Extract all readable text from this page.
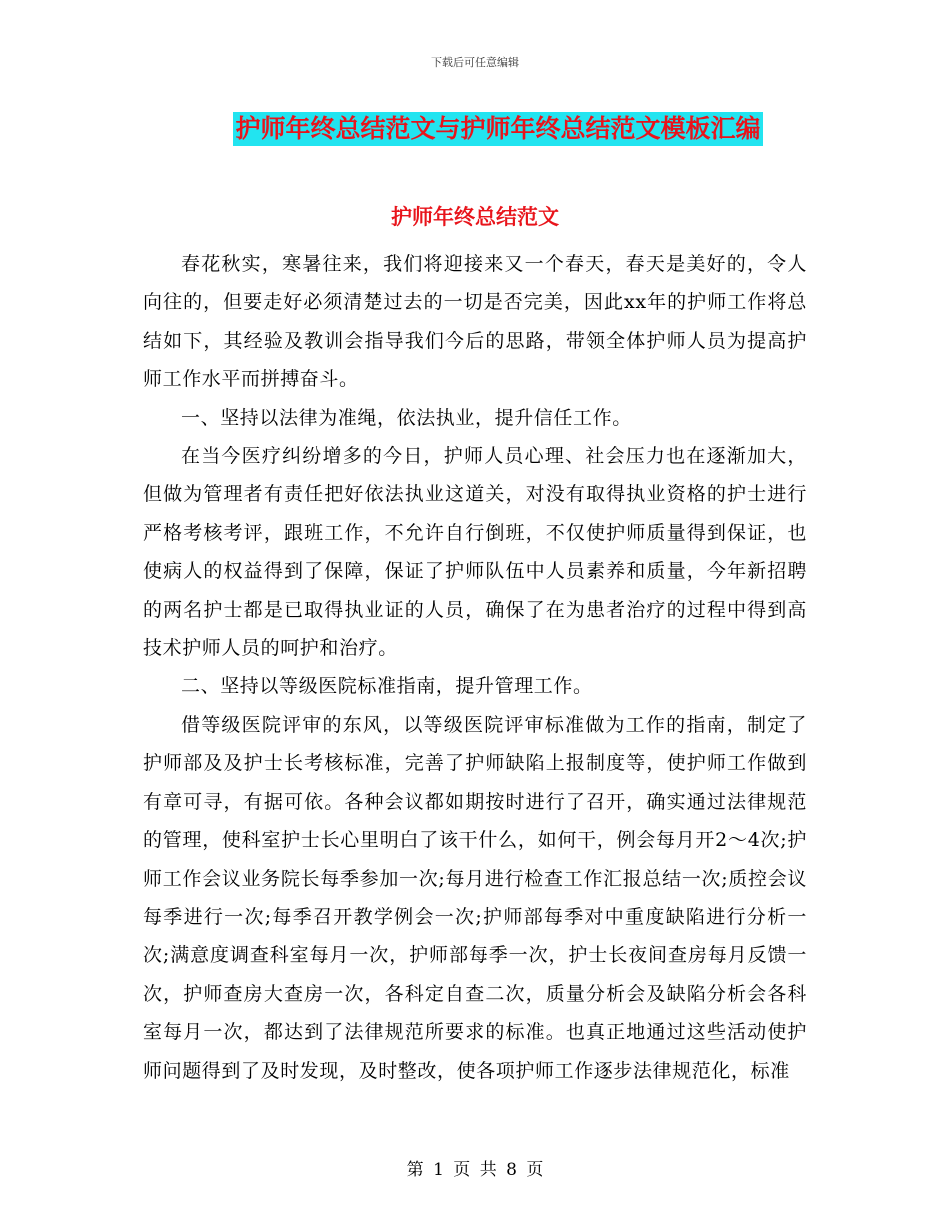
下载后可任意编辑
护师年终总结范文与护师年终总结范文模板汇编
护师年终总结范文

春花秋实，寒暑往来，我们将迎接来又一个春天，春天是美好的，令人向往的，但要走好必须清楚过去的一切是否完美，因此xx年的护师工作将总结如下，其经验及教训会指导我们今后的思路，带领全体护师人员为提高护师工作水平而拼搏奋斗。

一、坚持以法律为准绳，依法执业，提升信任工作。

在当今医疗纠纷增多的今日，护师人员心理、社会压力也在逐渐加大，但做为管理者有责任把好依法执业这道关，对没有取得执业资格的护士进行严格考核考评，跟班工作，不允许自行倒班，不仅使护师质量得到保证，也使病人的权益得到了保障，保证了护师队伍中人员素养和质量，今年新招聘的两名护士都是已取得执业证的人员，确保了在为患者治疗的过程中得到高技术护师人员的呵护和治疗。

二、坚持以等级医院标准指南，提升管理工作。

借等级医院评审的东风，以等级医院评审标准做为工作的指南，制定了护师部及及护士长考核标准，完善了护师缺陷上报制度等，使护师工作做到有章可寻，有据可依。各种会议都如期按时进行了召开，确实通过法律规范的管理，使科室护士长心里明白了该干什么，如何干，例会每月开2～4次;护师工作会议业务院长每季参加一次;每月进行检查工作汇报总结一次;质控会议每季进行一次;每季召开教学例会一次;护师部每季对中重度缺陷进行分析一次;满意度调查科室每月一次，护师部每季一次，护士长夜间查房每月反馈一次，护师查房大查房一次，各科定自查二次，质量分析会及缺陷分析会各科室每月一次，都达到了法律规范所要求的标准。也真正地通过这些活动使护师问题得到了及时发现，及时整改，使各项护师工作逐步法律规范化，标准

第 1 页 共 8 页
